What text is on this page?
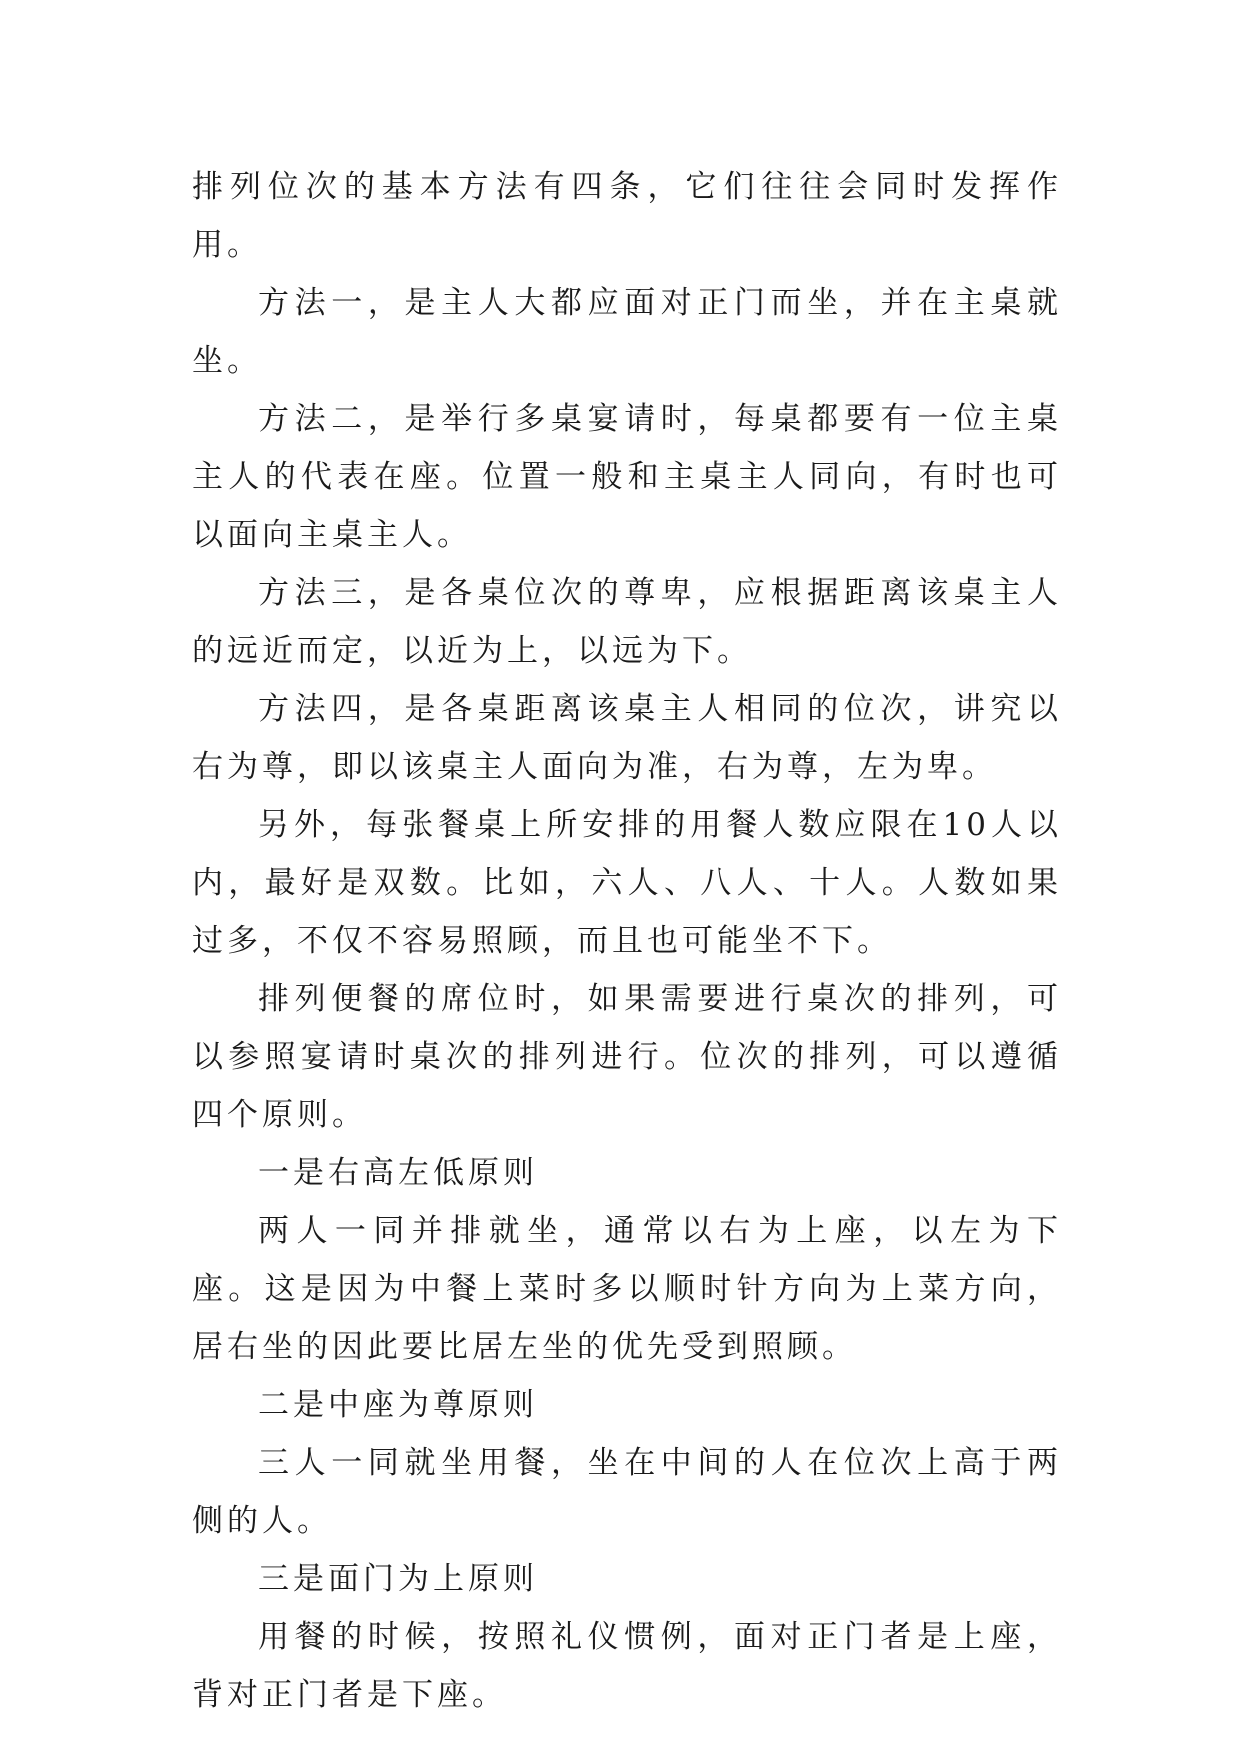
排列位次的基本方法有四条，它们往往会同时发挥作用。

方法一，是主人大都应面对正门而坐，并在主桌就坐。

方法二，是举行多桌宴请时，每桌都要有一位主桌主人的代表在座。位置一般和主桌主人同向，有时也可以面向主桌主人。

方法三，是各桌位次的尊卑，应根据距离该桌主人的远近而定，以近为上，以远为下。

方法四，是各桌距离该桌主人相同的位次，讲究以右为尊，即以该桌主人面向为准，右为尊，左为卑。

另外，每张餐桌上所安排的用餐人数应限在10人以内，最好是双数。比如，六人、八人、十人。人数如果过多，不仅不容易照顾，而且也可能坐不下。

排列便餐的席位时，如果需要进行桌次的排列，可以参照宴请时桌次的排列进行。位次的排列，可以遵循四个原则。

一是右高左低原则

两人一同并排就坐，通常以右为上座，以左为下座。这是因为中餐上菜时多以顺时针方向为上菜方向，居右坐的因此要比居左坐的优先受到照顾。

二是中座为尊原则

三人一同就坐用餐，坐在中间的人在位次上高于两侧的人。

三是面门为上原则

用餐的时候，按照礼仪惯例，面对正门者是上座，背对正门者是下座。
